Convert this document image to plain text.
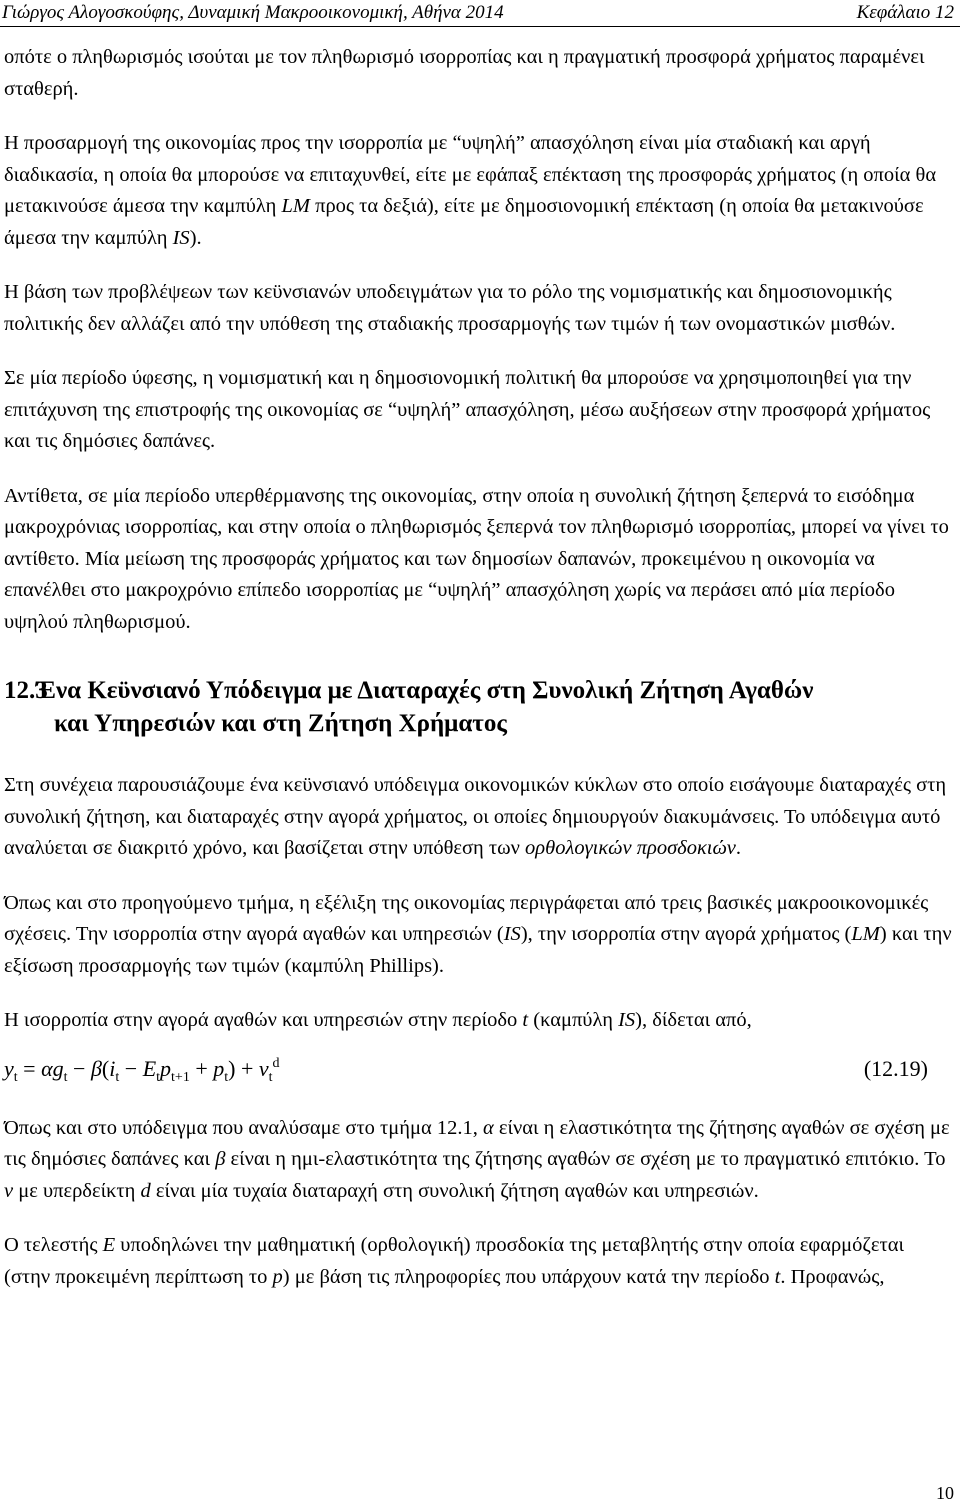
Γιώργος Αλογοσκούφης, Δυναμική Μακροοικονομική, Αθήνα 2014	Κεφάλαιο 12

οπότε ο πληθωρισμός ισούται με τον πληθωρισμό ισορροπίας και η πραγματική προσφορά χρήματος παραμένει σταθερή.

Η προσαρμογή της οικονομίας προς την ισορροπία με “υψηλή” απασχόληση είναι μία σταδιακή και αργή διαδικασία, η οποία θα μπορούσε να επιταχυνθεί, είτε με εφάπαξ επέκταση της προσφοράς χρήματος (η οποία θα μετακινούσε άμεσα την καμπύλη LM προς τα δεξιά), είτε με δημοσιονομική επέκταση (η οποία θα μετακινούσε άμεσα την καμπύλη IS).

Η βάση των προβλέψεων των κεϋνσιανών υποδειγμάτων για το ρόλο της νομισματικής και δημοσιονομικής πολιτικής δεν αλλάζει από την υπόθεση της σταδιακής προσαρμογής των τιμών ή των ονομαστικών μισθών.

Σε μία περίοδο ύφεσης, η νομισματική και η δημοσιονομική πολιτική θα μπορούσε να χρησιμοποιηθεί για την επιτάχυνση της επιστροφής της οικονομίας σε “υψηλή” απασχόληση, μέσω αυξήσεων στην προσφορά χρήματος και τις δημόσιες δαπάνες.

Αντίθετα, σε μία περίοδο υπερθέρμανσης της οικονομίας, στην οποία η συνολική ζήτηση ξεπερνά το εισόδημα μακροχρόνιας ισορροπίας, και στην οποία ο πληθωρισμός ξεπερνά τον πληθωρισμό ισορροπίας, μπορεί να γίνει το αντίθετο. Μία μείωση της προσφοράς χρήματος και των δημοσίων δαπανών, προκειμένου η οικονομία να επανέλθει στο μακροχρόνιο επίπεδο ισορροπίας με “υψηλή” απασχόληση χωρίς να περάσει από μία περίοδο υψηλού πληθωρισμού.

12.3
Ένα Κεϋνσιανό Υπόδειγμα με Διαταραχές στη Συνολική Ζήτηση Αγαθών
και Υπηρεσιών και στη Ζήτηση Χρήματος

Στη συνέχεια παρουσιάζουμε ένα κεϋνσιανό υπόδειγμα οικονομικών κύκλων στο οποίο εισάγουμε διαταραχές στη συνολική ζήτηση, και διαταραχές στην αγορά χρήματος, οι οποίες δημιουργούν διακυμάνσεις. Το υπόδειγμα αυτό αναλύεται σε διακριτό χρόνο, και βασίζεται στην υπόθεση των ορθολογικών προσδοκιών.

Όπως και στο προηγούμενο τμήμα, η εξέλιξη της οικονομίας περιγράφεται από τρεις βασικές μακροοικονομικές σχέσεις. Την ισορροπία στην αγορά αγαθών και υπηρεσιών (IS), την ισορροπία στην αγορά χρήματος (LM) και την εξίσωση προσαρμογής των τιμών (καμπύλη Phillips).

Η ισορροπία στην αγορά αγαθών και υπηρεσιών στην περίοδο t (καμπύλη IS), δίδεται από,

$y_t = \alpha g_t - \beta(i_t - E_tp_{t+1} + p_t) + v_t^d$	(12.19)

Όπως και στο υπόδειγμα που αναλύσαμε στο τμήμα 12.1, α είναι η ελαστικότητα της ζήτησης αγαθών σε σχέση με τις δημόσιες δαπάνες και β είναι η ημι-ελαστικότητα της ζήτησης αγαθών σε σχέση με το πραγματικό επιτόκιο. Το v με υπερδείκτη d είναι μία τυχαία διαταραχή στη συνολική ζήτηση αγαθών και υπηρεσιών.

Ο τελεστής E υποδηλώνει την μαθηματική (ορθολογική) προσδοκία της μεταβλητής στην οποία εφαρμόζεται (στην προκειμένη περίπτωση το p) με βάση τις πληροφορίες που υπάρχουν κατά την περίοδο t. Προφανώς,

10
